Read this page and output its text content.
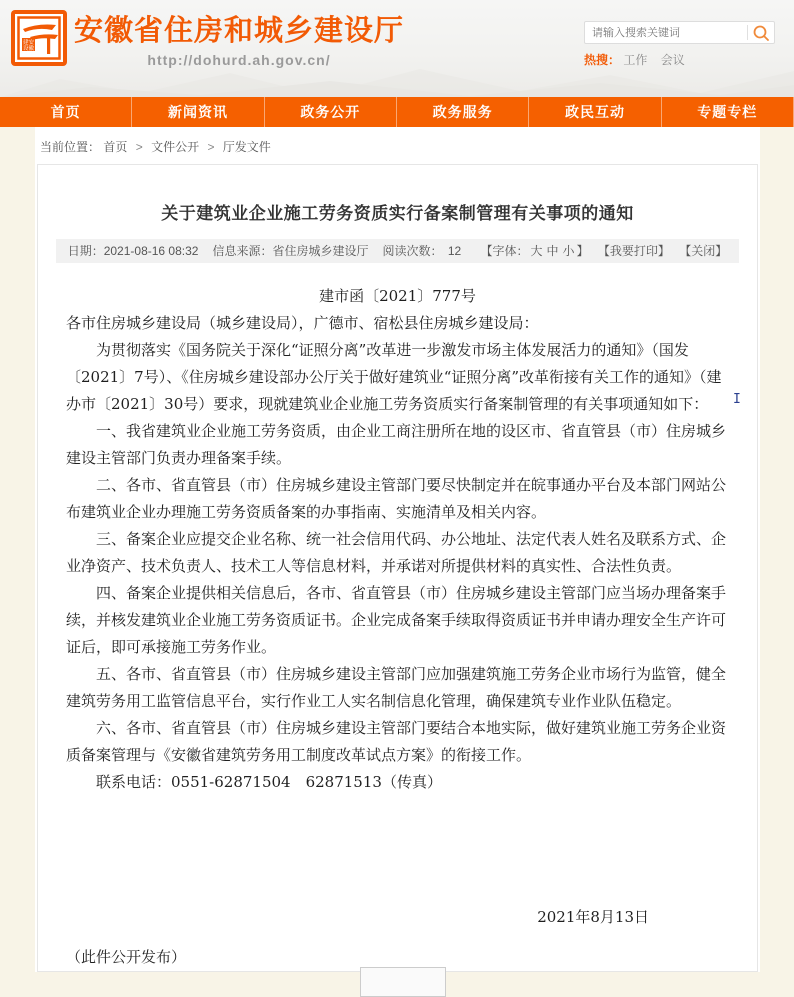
建安
设徽
安徽省住房和城乡建设厅
http://dohurd.ah.gov.cn/
请输入搜索关键词	热搜： 工作 会议
首页	新闻资讯	政务公开	政务服务	政民互动	专题专栏
当前位置： 首页 > 文件公开 > 厅发文件
关于建筑业企业施工劳务资质实行备案制管理有关事项的通知
日期：2021-08-16 08:32 信息来源：省住房城乡建设厅 阅读次数： 12 【字体： 大 中 小 】 【我要打印】 【关闭】

建市函〔2021〕777号

各市住房城乡建设局（城乡建设局），广德市、宿松县住房城乡建设局：

为贯彻落实《国务院关于深化“证照分离”改革进一步激发市场主体发展活力的通知》（国发〔2021〕7号）、《住房城乡建设部办公厅关于做好建筑业“证照分离”改革衔接有关工作的通知》（建办市〔2021〕30号）要求，现就建筑业企业施工劳务资质实行备案制管理的有关事项通知如下：

一、我省建筑业企业施工劳务资质，由企业工商注册所在地的设区市、省直管县（市）住房城乡建设主管部门负责办理备案手续。

二、各市、省直管县（市）住房城乡建设主管部门要尽快制定并在皖事通办平台及本部门网站公布建筑业企业办理施工劳务资质备案的办事指南、实施清单及相关内容。

三、备案企业应提交企业名称、统一社会信用代码、办公地址、法定代表人姓名及联系方式、企业净资产、技术负责人、技术工人等信息材料，并承诺对所提供材料的真实性、合法性负责。

四、备案企业提供相关信息后，各市、省直管县（市）住房城乡建设主管部门应当场办理备案手续，并核发建筑业企业施工劳务资质证书。企业完成备案手续取得资质证书并申请办理安全生产许可证后，即可承接施工劳务作业。

五、各市、省直管县（市）住房城乡建设主管部门应加强建筑施工劳务企业市场行为监管，健全建筑劳务用工监管信息平台，实行作业工人实名制信息化管理，确保建筑专业作业队伍稳定。

六、各市、省直管县（市）住房城乡建设主管部门要结合本地实际，做好建筑业施工劳务企业资质备案管理与《安徽省建筑劳务用工制度改革试点方案》的衔接工作。

联系电话：0551-62871504　62871513（传真）

2021年8月13日

（此件公开发布）

I
